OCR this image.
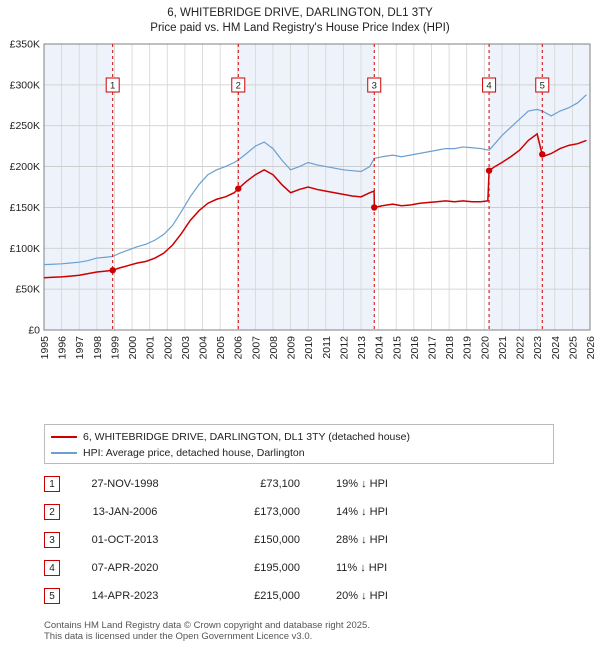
6, WHITEBRIDGE DRIVE, DARLINGTON, DL1 3TY
Price paid vs. HM Land Registry's House Price Index (HPI)
£0
£50K
£100K
£150K
£200K
£250K
£300K
£350K
1995 1996 1997 1998 1999 2000 2001 2002 2003 2004 2005 2006 2007 2008 2009 2010 2011 2012 2013 2014 2015 2016 2017 2018 2019 2020 2021 2022 2023 2024 2025 2026
1	2	3	4	5
6, WHITEBRIDGE DRIVE, DARLINGTON, DL1 3TY (detached house)
HPI: Average price, detached house, Darlington
1	27-NOV-1998	£73,100	19% ↓ HPI
2	13-JAN-2006	£173,000	14% ↓ HPI
3	01-OCT-2013	£150,000	28% ↓ HPI
4	07-APR-2020	£195,000	11% ↓ HPI
5	14-APR-2023	£215,000	20% ↓ HPI
Contains HM Land Registry data © Crown copyright and database right 2025.
This data is licensed under the Open Government Licence v3.0.
